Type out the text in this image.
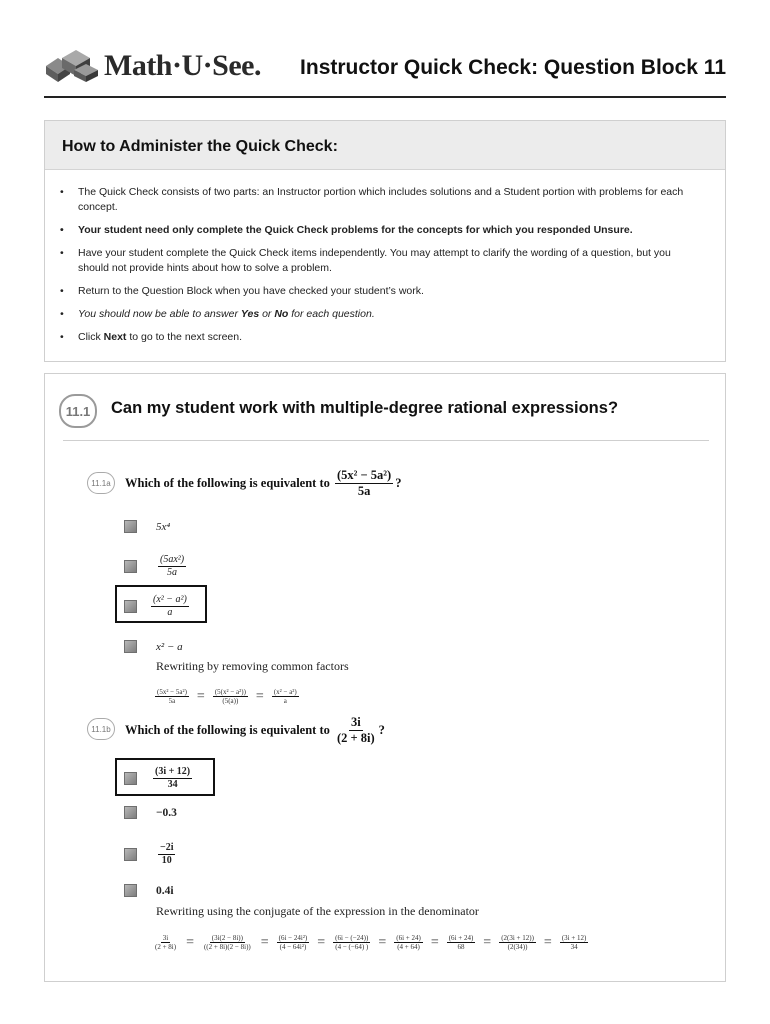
Math·U·See. Instructor Quick Check: Question Block 11
How to Administer the Quick Check:
• The Quick Check consists of two parts: an Instructor portion which includes solutions and a Student portion with problems for each concept.
• Your student need only complete the Quick Check problems for the concepts for which you responded Unsure.
• Have your student complete the Quick Check items independently. You may attempt to clarify the wording of a question, but you should not provide hints about how to solve a problem.
• Return to the Question Block when you have checked your student’s work.
• You should now be able to answer Yes or No for each question.
• Click Next to go to the next screen.
11.1	Can my student work with multiple-degree rational expressions?
11.1a	Which of the following is equivalent to
$\frac{\text{(5x² − 5a²)}}{5a}$ ?
5x⁴
$\frac{\text{(5ax²)}}{5a}$
$\frac{\text{(x² − a²)}}{a}$
x² − a
Rewriting by removing common factors
$\frac{\text{(5x² − 5a²)}}{5a} = \frac{\text{(5(x² − a²))}}{(5(a))} = \frac{\text{(x² − a²)}}{a}$
11.1b	Which of the following is equivalent to
$\frac{3i}{(2 + 8i)}$ ?
$\frac{(3i + 12)}{34}$
−0.3
$\frac{-2i}{10}$
0.4i
Rewriting using the conjugate of the expression in the denominator
$\frac{3i}{(2 + 8i)} = \frac{(3i(2 - 8i))}{((2 + 8i)(2 - 8i))} = \frac{\text{(6i − 24i²)}}{\text{(4 − 64i²)}} = \frac{(6i - (-24))}{(4 - (-64) )} = \frac{(6i + 24)}{(4 + 64)} = \frac{(6i + 24)}{68} = \frac{(2(3i + 12))}{(2(34))} = \frac{(3i + 12)}{34}$
